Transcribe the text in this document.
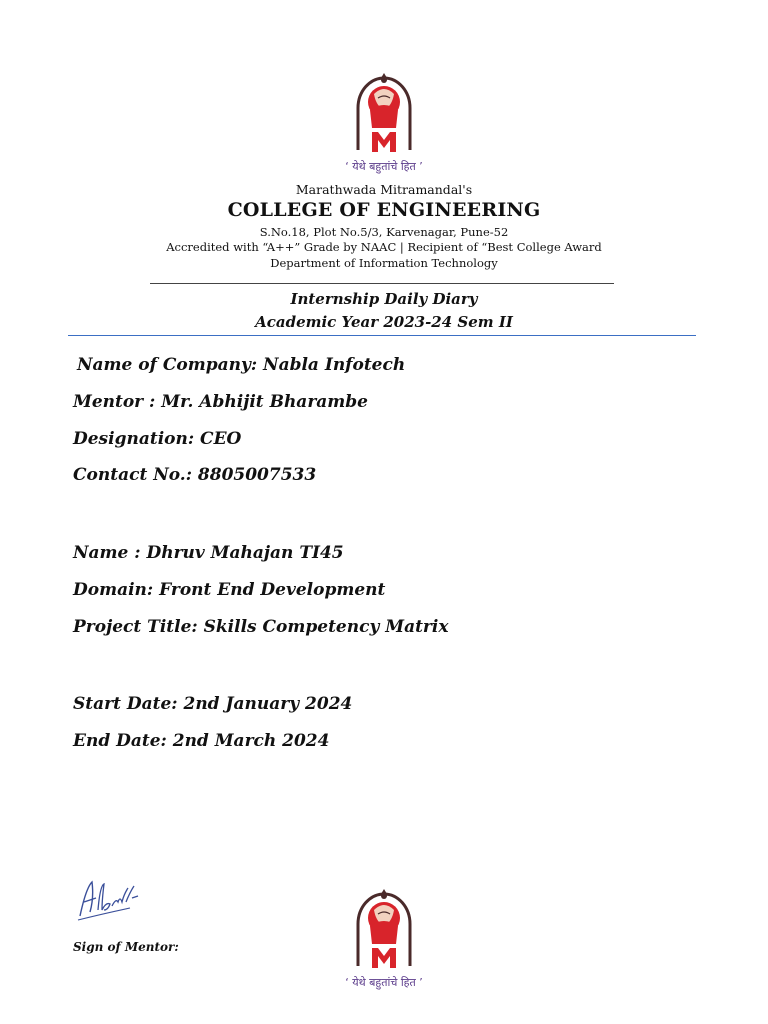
‘ येथे बहुतांचे हित ’
Marathwada Mitramandal's
COLLEGE OF ENGINEERING
S.No.18, Plot No.5/3, Karvenagar, Pune-52
Accredited with “A++” Grade by NAAC | Recipient of “Best College Award
Department of Information Technology
Internship Daily Diary
Academic Year 2023-24 Sem II
Name of Company: Nabla Infotech
Mentor : Mr. Abhijit Bharambe
Designation: CEO
Contact No.: 8805007533
Name : Dhruv Mahajan TI45
Domain: Front End Development
Project Title: Skills Competency Matrix
Start Date: 2nd January 2024
End Date: 2nd March 2024
Sign of Mentor:
‘ येथे बहुतांचे हित ’
